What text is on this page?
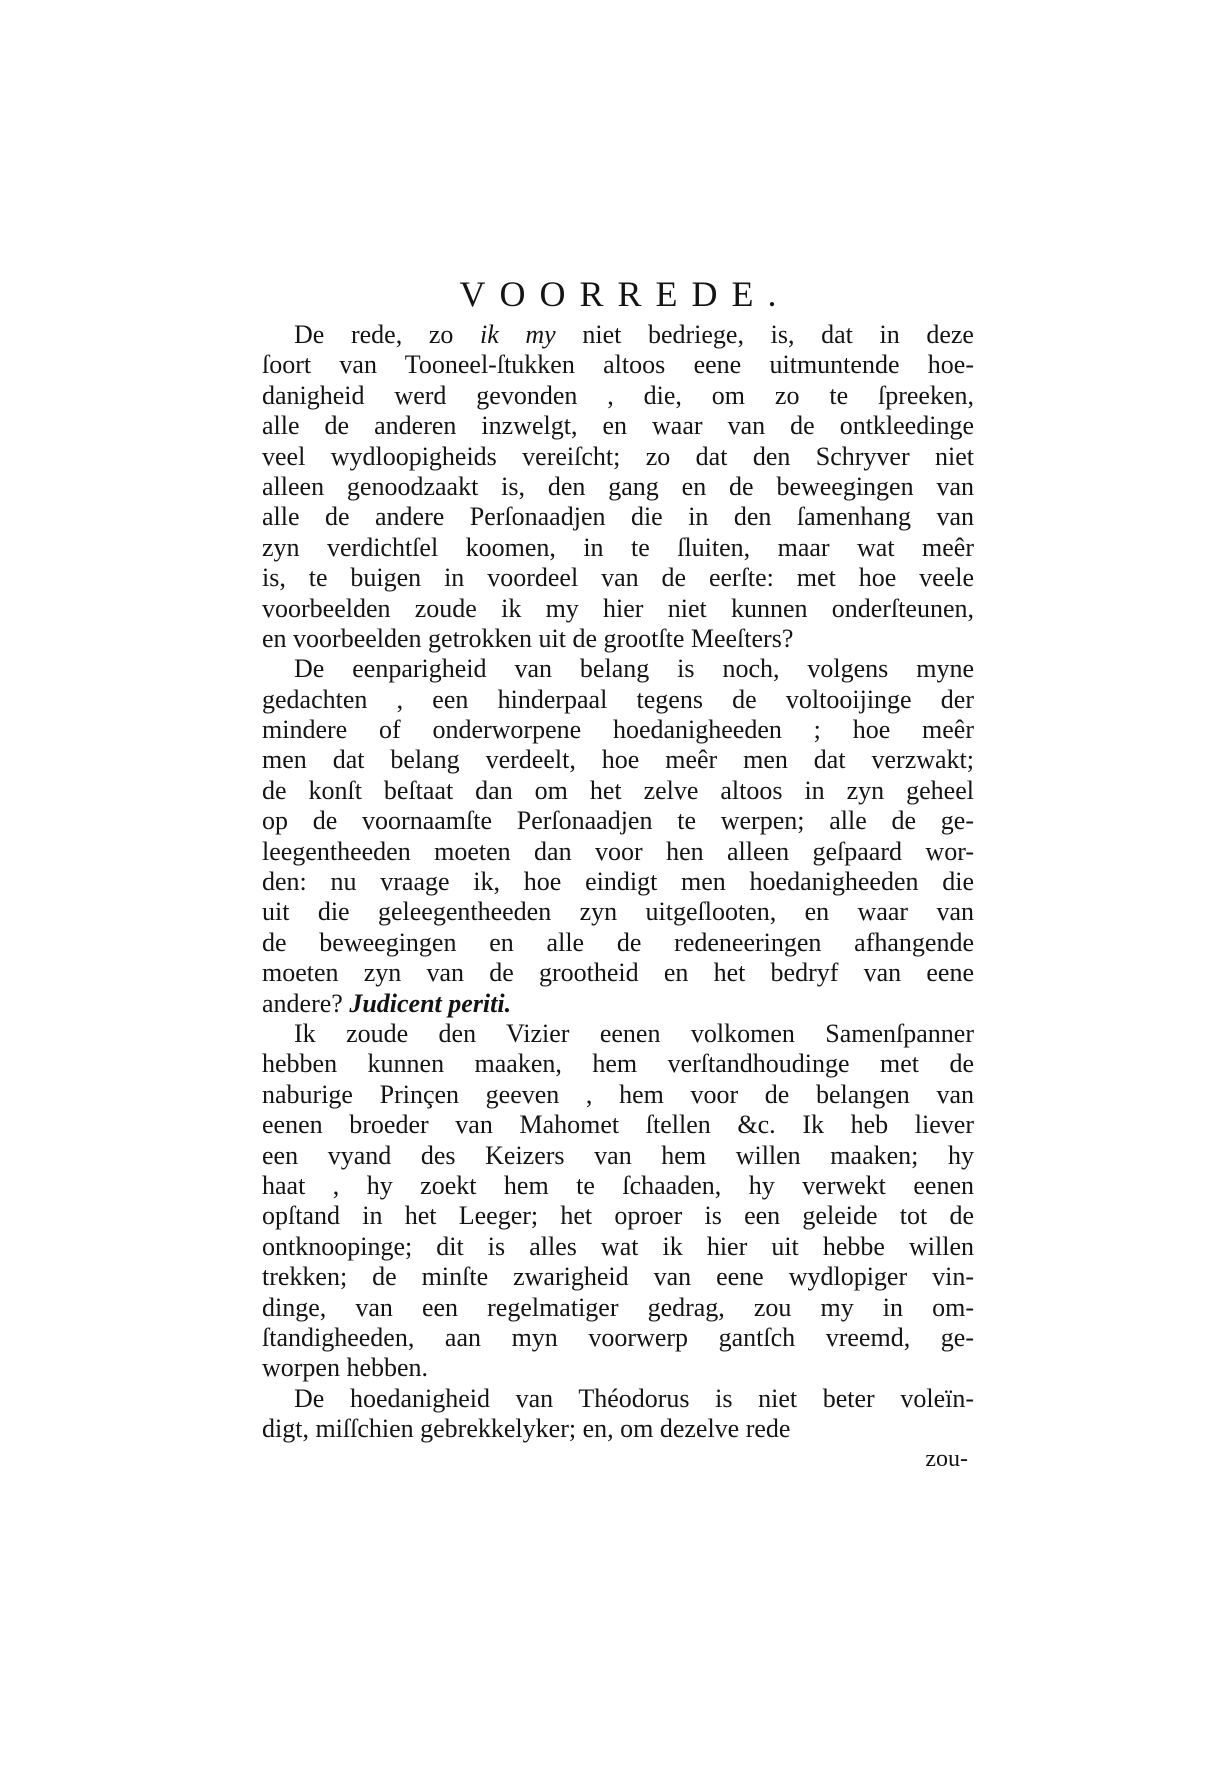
VOORREDE.
De rede, zo ik my niet bedriege, is, dat in deze
ſoort van Tooneel-ſtukken altoos eene uitmuntende hoe-
danigheid werd gevonden , die, om zo te ſpreeken,
alle de anderen inzwelgt, en waar van de ontkleedinge
veel wydloopigheids vereiſcht; zo dat den Schryver niet
alleen genoodzaakt is, den gang en de beweegingen van
alle de andere Perſonaadjen die in den ſamenhang van
zyn verdichtſel koomen, in te ſluiten, maar wat meêr
is, te buigen in voordeel van de eerſte: met hoe veele
voorbeelden zoude ik my hier niet kunnen onderſteunen,
en voorbeelden getrokken uit de grootſte Meeſters?
De eenparigheid van belang is noch, volgens myne
gedachten , een hinderpaal tegens de voltooijinge der
mindere of onderworpene hoedanigheeden ; hoe meêr
men dat belang verdeelt, hoe meêr men dat verzwakt;
de konſt beſtaat dan om het zelve altoos in zyn geheel
op de voornaamſte Perſonaadjen te werpen; alle de ge-
leegentheeden moeten dan voor hen alleen geſpaard wor-
den: nu vraage ik, hoe eindigt men hoedanigheeden die
uit die geleegentheeden zyn uitgeſlooten, en waar van
de beweegingen en alle de redeneeringen afhangende
moeten zyn van de grootheid en het bedryf van eene
andere? Judicent periti.
Ik zoude den Vizier eenen volkomen Samenſpanner
hebben kunnen maaken, hem verſtandhoudinge met de
naburige Prinçen geeven , hem voor de belangen van
eenen broeder van Mahomet ſtellen &c. Ik heb liever
een vyand des Keizers van hem willen maaken; hy
haat , hy zoekt hem te ſchaaden, hy verwekt eenen
opſtand in het Leeger; het oproer is een geleide tot de
ontknoopinge; dit is alles wat ik hier uit hebbe willen
trekken; de minſte zwarigheid van eene wydlopiger vin-
dinge, van een regelmatiger gedrag, zou my in om-
ſtandigheeden, aan myn voorwerp gantſch vreemd, ge-
worpen hebben.
De hoedanigheid van Théodorus is niet beter voleïn-
digt, miſſchien gebrekkelyker; en, om dezelve rede
zou-
